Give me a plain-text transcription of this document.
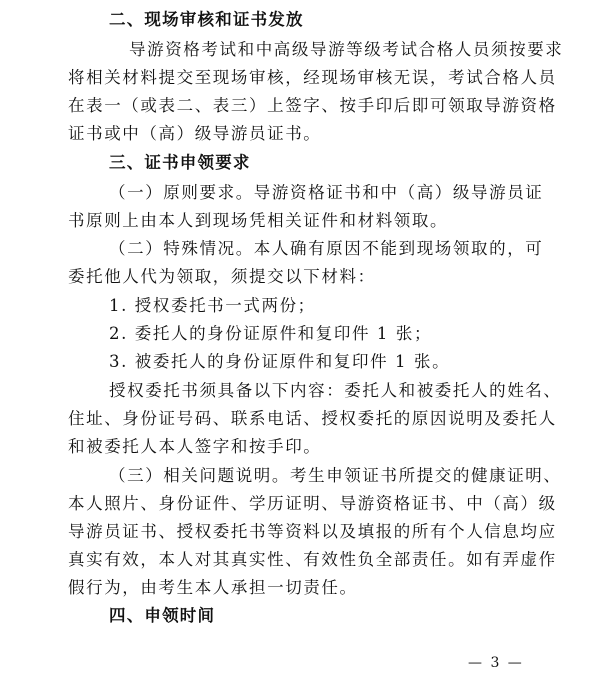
二、现场审核和证书发放
导游资格考试和中高级导游等级考试合格人员须按要求
将相关材料提交至现场审核，经现场审核无误，考试合格人员
在表一（或表二、表三）上签字、按手印后即可领取导游资格
证书或中（高）级导游员证书。
三、证书申领要求
（一）原则要求。导游资格证书和中（高）级导游员证
书原则上由本人到现场凭相关证件和材料领取。
（二）特殊情况。本人确有原因不能到现场领取的，可
委托他人代为领取，须提交以下材料：
1. 授权委托书一式两份；
2. 委托人的身份证原件和复印件 1 张；
3. 被委托人的身份证原件和复印件 1 张。
授权委托书须具备以下内容：委托人和被委托人的姓名、
住址、身份证号码、联系电话、授权委托的原因说明及委托人
和被委托人本人签字和按手印。
（三）相关问题说明。考生申领证书所提交的健康证明、
本人照片、身份证件、学历证明、导游资格证书、中（高）级
导游员证书、授权委托书等资料以及填报的所有个人信息均应
真实有效，本人对其真实性、有效性负全部责任。如有弄虚作
假行为，由考生本人承担一切责任。
四、申领时间
— 3 —
